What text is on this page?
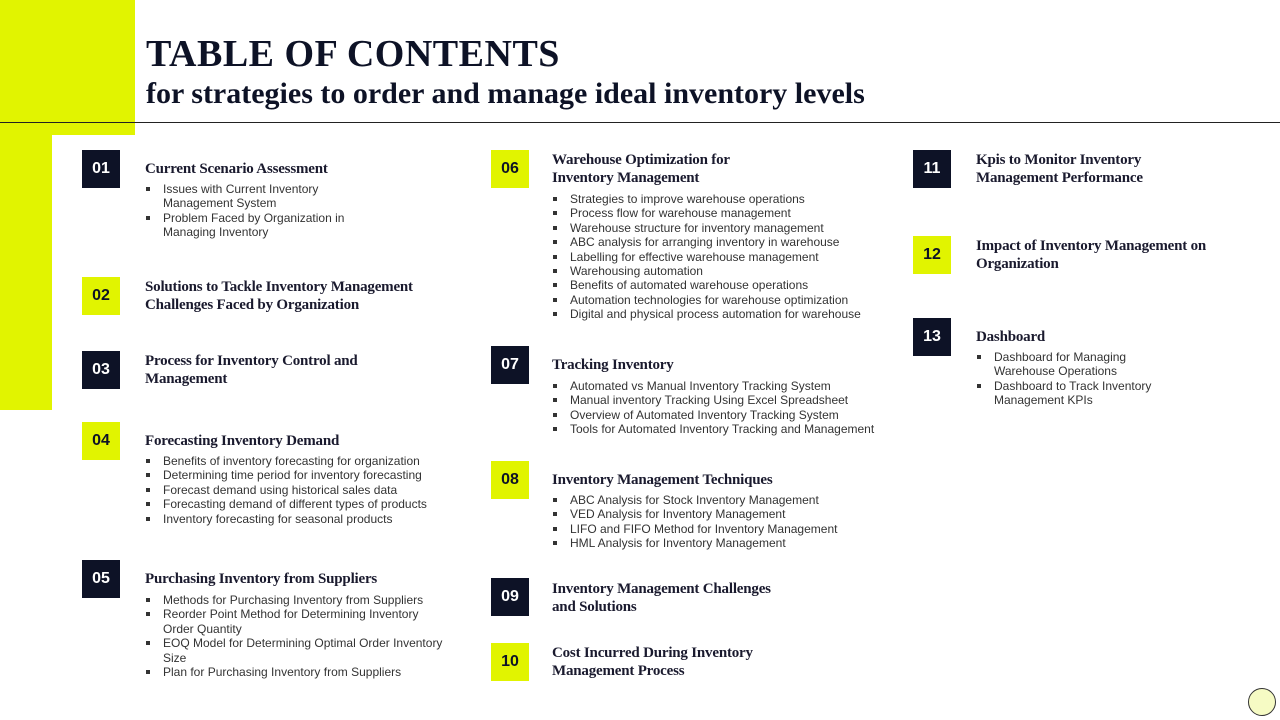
TABLE OF CONTENTS
for strategies to order and manage ideal inventory levels
01	Current Scenario Assessment
Issues with Current Inventory Management System
Problem Faced by Organization in Managing Inventory
02	Solutions to Tackle Inventory Management Challenges Faced by Organization
03	Process for Inventory Control and Management
04	Forecasting Inventory Demand
Benefits of inventory forecasting for organization
Determining time period for inventory forecasting
Forecast demand using historical sales data
Forecasting demand of different types of products
Inventory forecasting for seasonal products
05	Purchasing Inventory from Suppliers
Methods for Purchasing Inventory from Suppliers
Reorder Point Method for Determining Inventory Order Quantity
EOQ Model for Determining Optimal Order Inventory Size
Plan for Purchasing Inventory from Suppliers
06	Warehouse Optimization for Inventory Management
Strategies to improve warehouse operations
Process flow for warehouse management
Warehouse structure for inventory management
ABC analysis for arranging inventory in warehouse
Labelling for effective warehouse management
Warehousing automation
Benefits of automated warehouse operations
Automation technologies for warehouse optimization
Digital and physical process automation for warehouse
07	Tracking Inventory
Automated vs Manual Inventory Tracking System
Manual inventory Tracking Using Excel Spreadsheet
Overview of Automated Inventory Tracking System
Tools for Automated Inventory Tracking and Management
08	Inventory Management Techniques
ABC Analysis for Stock Inventory Management
VED Analysis for Inventory Management
LIFO and FIFO Method for Inventory Management
HML Analysis for Inventory Management
09	Inventory Management Challenges and Solutions
10	Cost Incurred During Inventory Management Process
11	Kpis to Monitor Inventory Management Performance
12	Impact of Inventory Management on Organization
13	Dashboard
Dashboard for Managing Warehouse Operations
Dashboard to Track Inventory Management KPIs
